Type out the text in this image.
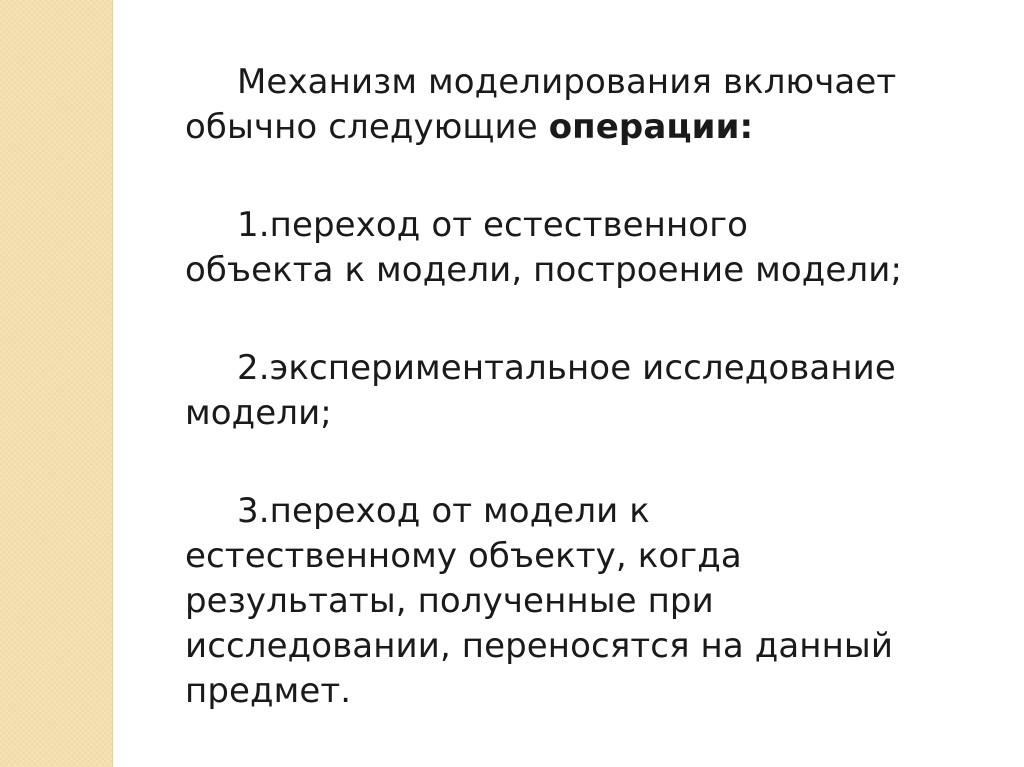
Механизм моделирования включает обычно следующие операции:

1.переход от естественного объекта к модели, построение модели;

2.экспериментальное исследование модели;

3.переход от модели к естественному объекту, когда результаты, полученные при исследовании, переносятся на данный предмет.
